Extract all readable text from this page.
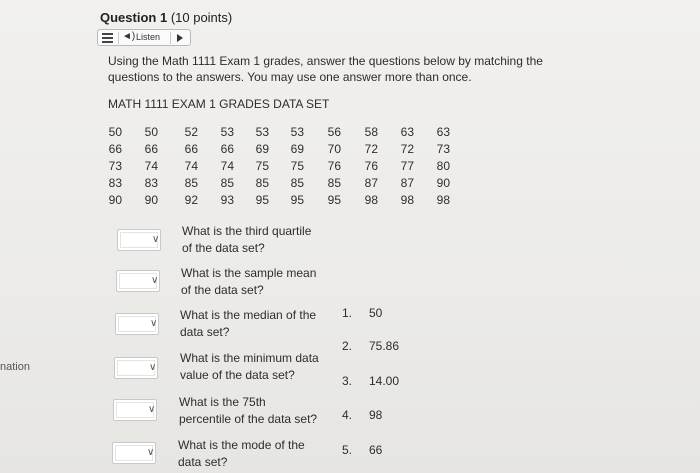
Question 1 (10 points)
◄) Listen
Using the Math 1111 Exam 1 grades, answer the questions below by matching the questions to the answers. You may use one answer more than once.
MATH 1111 EXAM 1 GRADES DATA SET
50	50	52	53	53	53	56	58	63	63
66	66	66	66	69	69	70	72	72	73
73	74	74	74	75	75	76	76	77	80
83	83	85	85	85	85	85	87	87	90
90	90	92	93	95	95	95	98	98	98
∨
What is the third quartile
of the data set?
∨
What is the sample mean
of the data set?
∨
What is the median of the
data set?
∨
What is the minimum data
value of the data set?
∨
What is the 75th
percentile of the data set?
∨
What is the mode of the
data set?
1. 50
2. 75.86
3. 14.00
4. 98
5. 66
nation
